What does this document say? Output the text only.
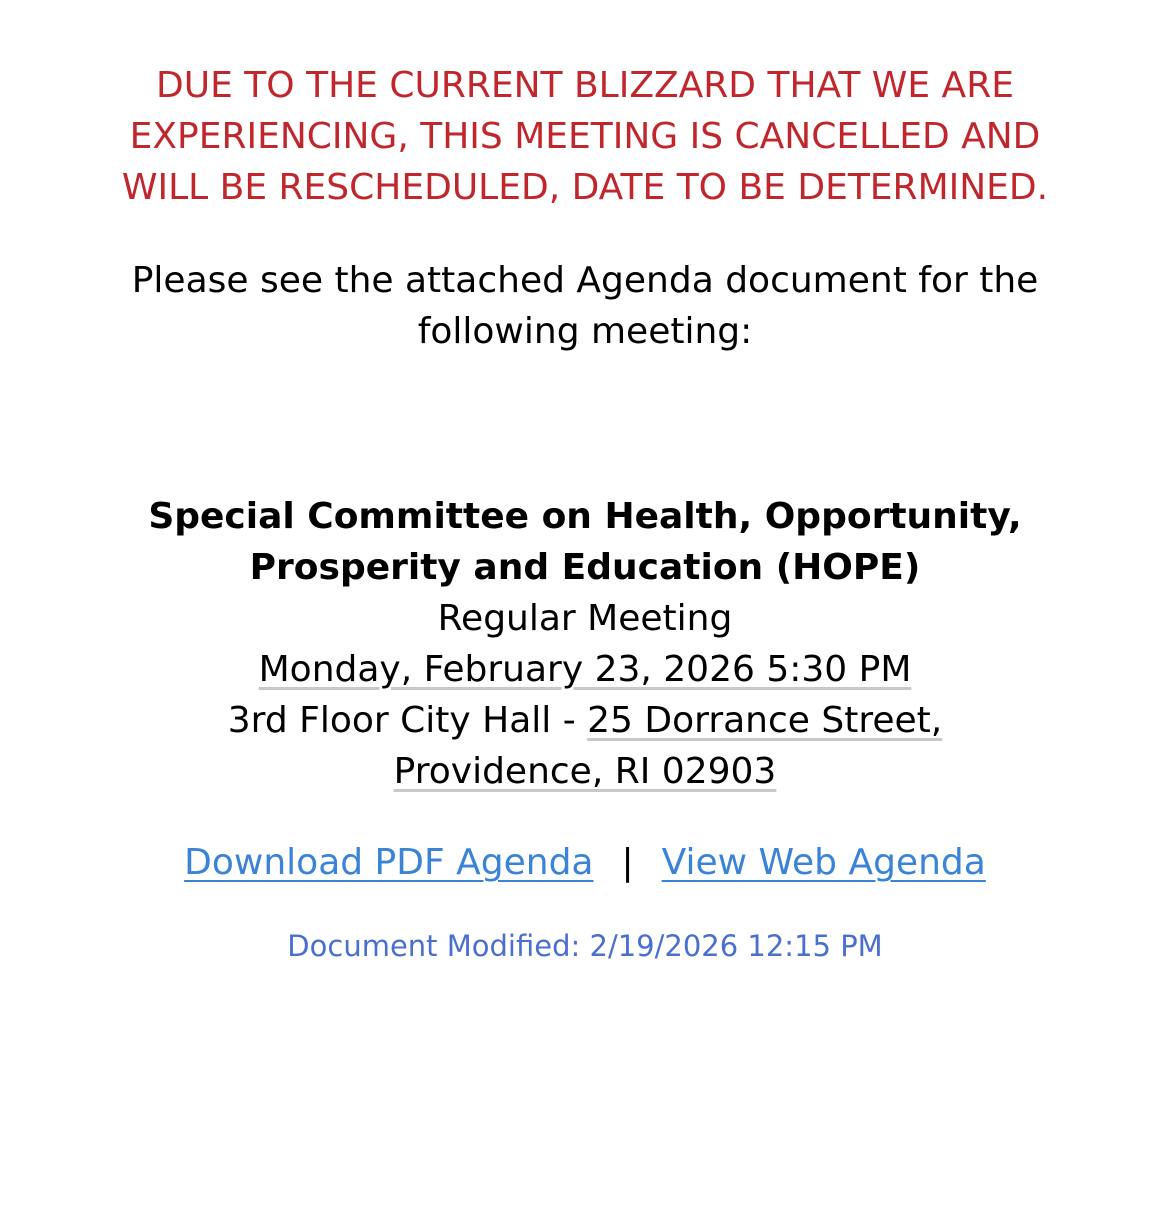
DUE TO THE CURRENT BLIZZARD THAT WE ARE EXPERIENCING, THIS MEETING IS CANCELLED AND WILL BE RESCHEDULED, DATE TO BE DETERMINED.

Please see the attached Agenda document for the following meeting:

Special Committee on Health, Opportunity,
Prosperity and Education (HOPE)

Regular Meeting
Monday, February 23, 2026 5:30 PM
3rd Floor City Hall - 25 Dorrance Street,
Providence, RI 02903
Download PDF Agenda | View Web Agenda
Document Modified: 2/19/2026 12:15 PM
